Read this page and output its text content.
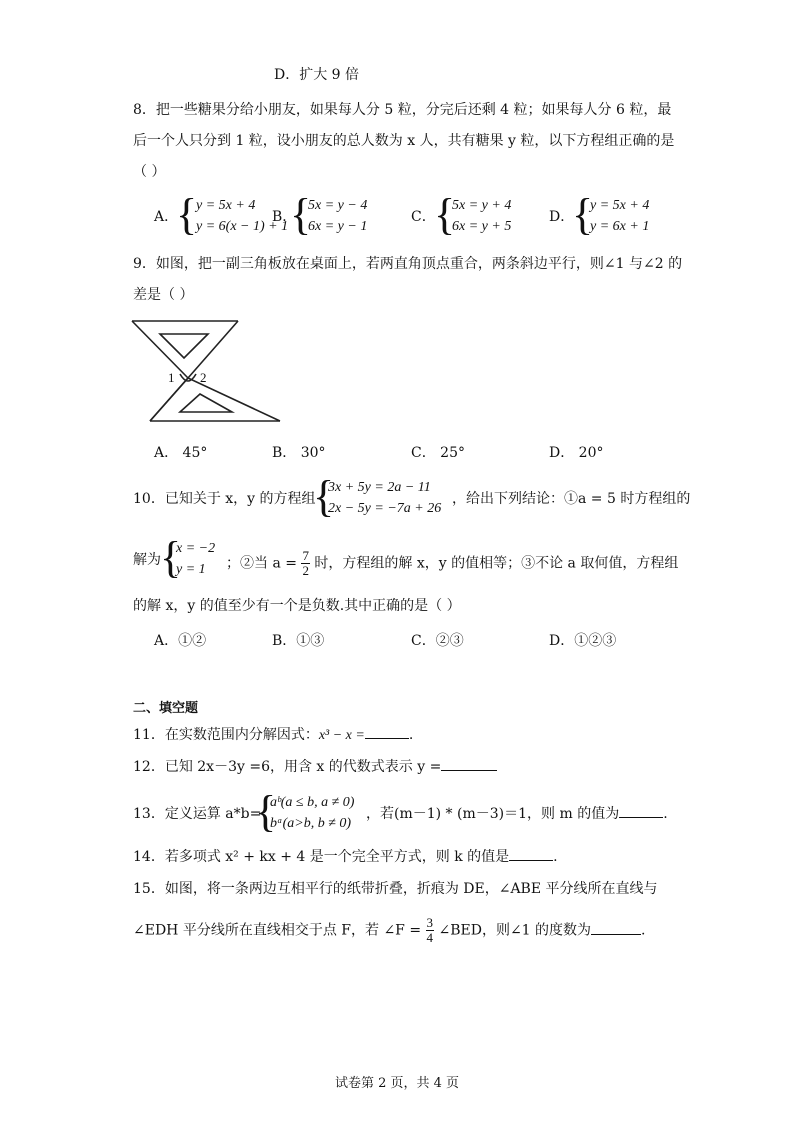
D．扩大 9 倍
8．把一些糖果分给小朋友，如果每人分 5 粒，分完后还剩 4 粒；如果每人分 6 粒，最
后一个人只分到 1 粒，设小朋友的总人数为 x 人，共有糖果 y 粒，以下方程组正确的是
（ ）
A．
{
y = 5x + 4
y = 6(x − 1) + 1
B．
{
5x = y − 4
6x = y − 1
C．
{
5x = y + 4
6x = y + 5
D．
{
y = 5x + 4
y = 6x + 1
9．如图，把一副三角板放在桌面上，若两直角顶点重合，两条斜边平行，则∠1 与∠2 的
差是（ ）
1 2
A． 45°	B． 30°	C． 25°	D． 20°
10．已知关于 x，y 的方程组
{
3x + 5y = 2a − 11
2x − 5y = −7a + 26
，给出下列结论：①a = 5 时方程组的
解为 {
x = −2
y = 1	；②当 $a = \frac{7}{2}$ 时，方程组的解 x，y 的值相等；③不论 a 取何值，方程组
的解 x，y 的值至少有一个是负数.其中正确的是（ ）
A．①②	B．①③	C．②③	D．①②③
二、填空题
11．在实数范围内分解因式：x³ − x =	.
12．已知 2x－3y =6，用含 x 的代数式表示 y =
13．定义运算 a*b=
{
aᵇ(a ≤ b, a ≠ 0)
bᵃ(a>b, b ≠ 0)
，若(m－1) * (m－3)＝1，则 m 的值为	.
14．若多项式 x² + kx + 4 是一个完全平方式，则 k 的值是	.
15．如图，将一条两边互相平行的纸带折叠，折痕为 DE，∠ABE 平分线所在直线与
∠EDH 平分线所在直线相交于点 F，若 ∠F = $\frac{3}{4}$ ∠BED，则∠1 的度数为	.
试卷第 2 页，共 4 页
